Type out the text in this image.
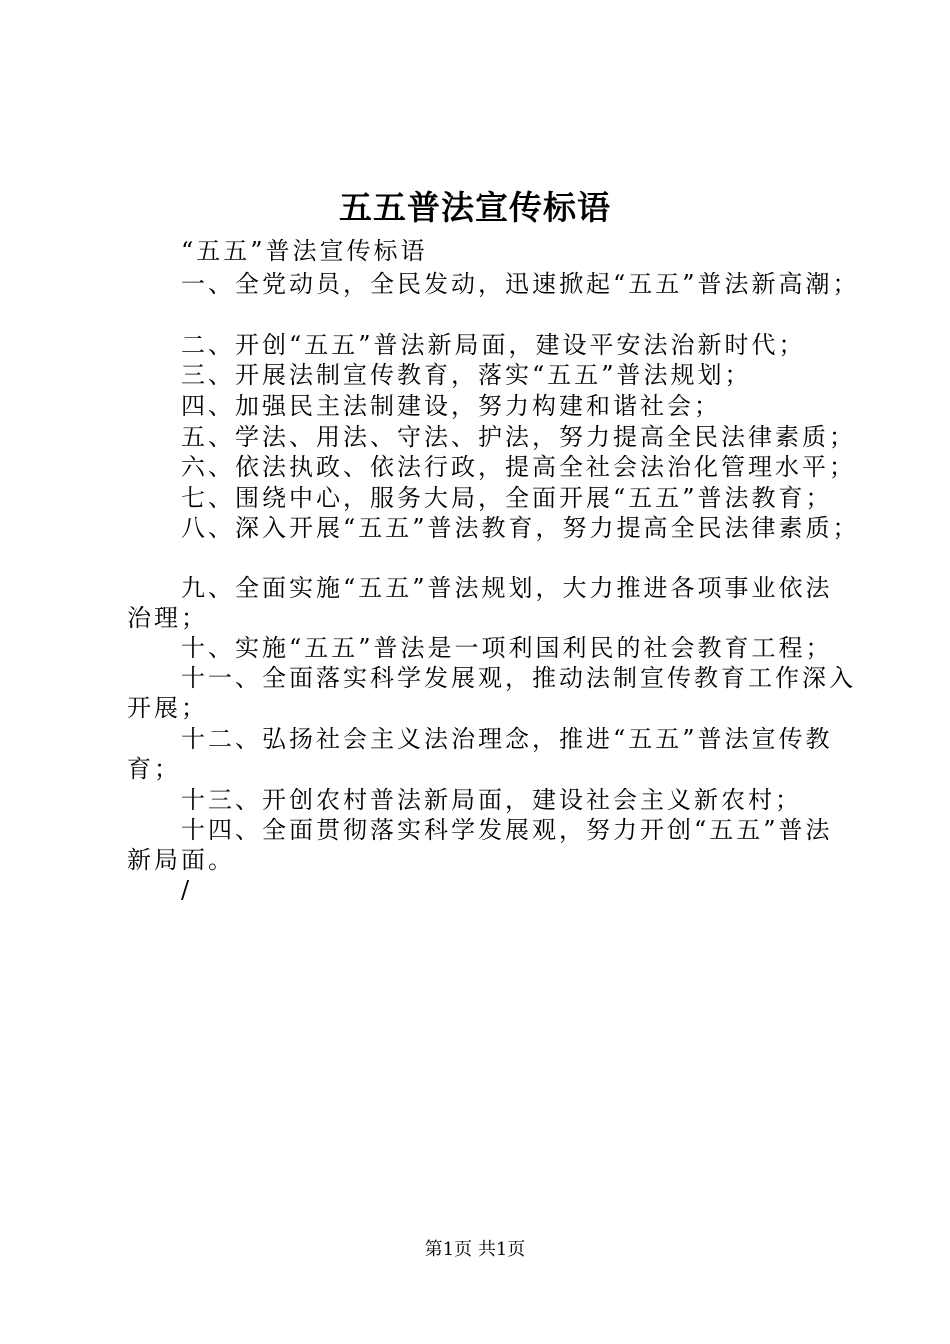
五五普法宣传标语
“五五”普法宣传标语
一、全党动员，全民发动，迅速掀起“五五”普法新高潮；
二、开创“五五”普法新局面，建设平安法治新时代；
三、开展法制宣传教育，落实“五五”普法规划；
四、加强民主法制建设，努力构建和谐社会；
五、学法、用法、守法、护法，努力提高全民法律素质；
六、依法执政、依法行政，提高全社会法治化管理水平；
七、围绕中心，服务大局，全面开展“五五”普法教育；
八、深入开展“五五”普法教育，努力提高全民法律素质；
九、全面实施“五五”普法规划，大力推进各项事业依法
治理；
十、实施“五五”普法是一项利国利民的社会教育工程；
十一、全面落实科学发展观，推动法制宣传教育工作深入
开展；
十二、弘扬社会主义法治理念，推进“五五”普法宣传教
育；
十三、开创农村普法新局面，建设社会主义新农村；
十四、全面贯彻落实科学发展观，努力开创“五五”普法
新局面。
/
第1页 共1页
